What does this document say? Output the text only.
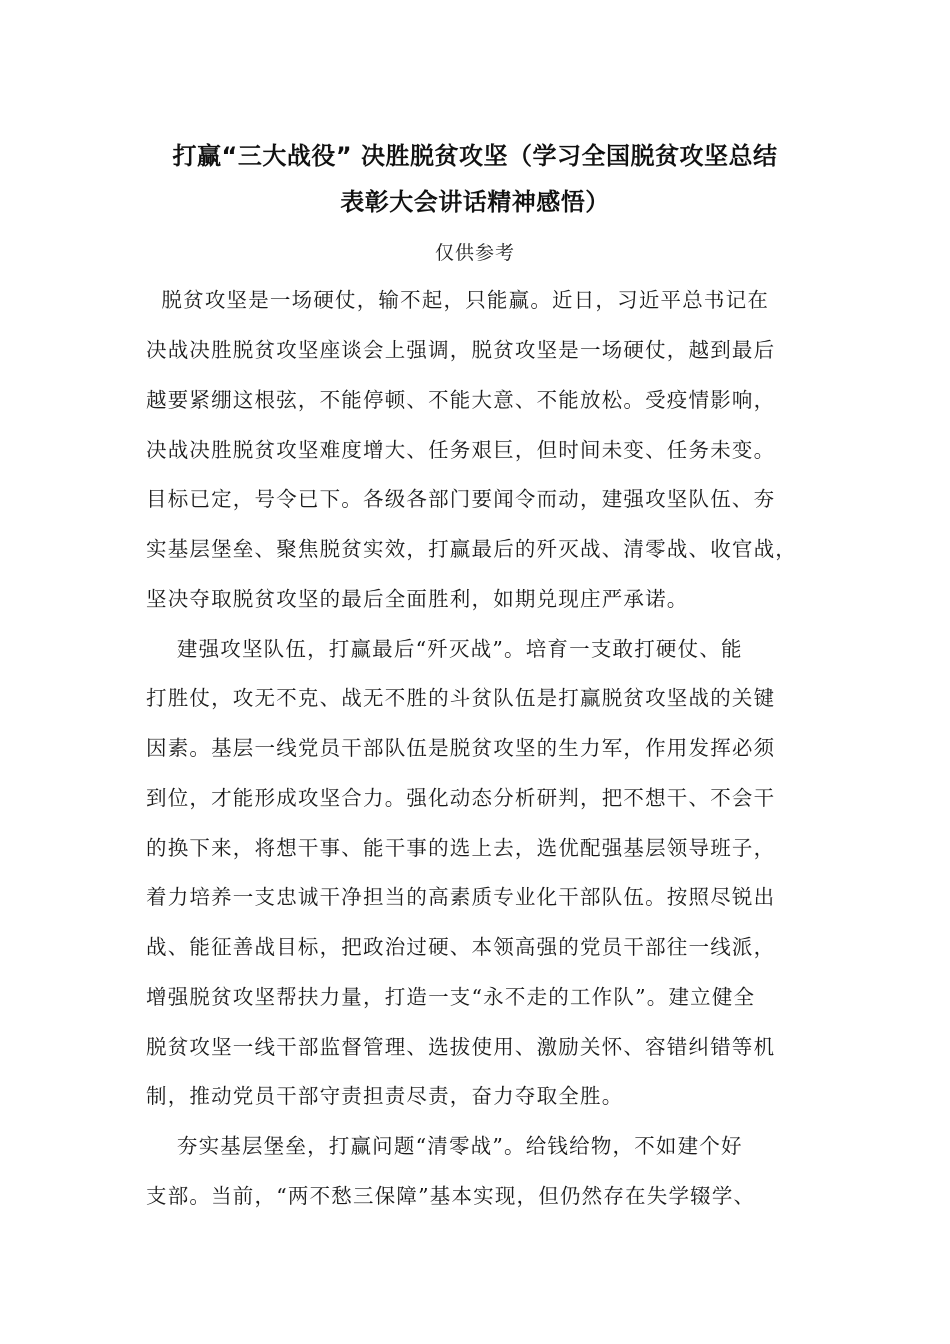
打赢“三大战役” 决胜脱贫攻坚（学习全国脱贫攻坚总结
表彰大会讲话精神感悟）
仅供参考
脱贫攻坚是一场硬仗，输不起，只能赢。近日，习近平总书记在
决战决胜脱贫攻坚座谈会上强调，脱贫攻坚是一场硬仗，越到最后
越要紧绷这根弦，不能停顿、不能大意、不能放松。受疫情影响，
决战决胜脱贫攻坚难度增大、任务艰巨，但时间未变、任务未变。
目标已定，号令已下。各级各部门要闻令而动，建强攻坚队伍、夯
实基层堡垒、聚焦脱贫实效，打赢最后的歼灭战、清零战、收官战，
坚决夺取脱贫攻坚的最后全面胜利，如期兑现庄严承诺。
建强攻坚队伍，打赢最后“歼灭战”。培育一支敢打硬仗、能
打胜仗，攻无不克、战无不胜的斗贫队伍是打赢脱贫攻坚战的关键
因素。基层一线党员干部队伍是脱贫攻坚的生力军，作用发挥必须
到位，才能形成攻坚合力。强化动态分析研判，把不想干、不会干
的换下来，将想干事、能干事的选上去，选优配强基层领导班子，
着力培养一支忠诚干净担当的高素质专业化干部队伍。按照尽锐出
战、能征善战目标，把政治过硬、本领高强的党员干部往一线派，
增强脱贫攻坚帮扶力量，打造一支“永不走的工作队”。建立健全
脱贫攻坚一线干部监督管理、选拔使用、激励关怀、容错纠错等机
制，推动党员干部守责担责尽责，奋力夺取全胜。
夯实基层堡垒，打赢问题“清零战”。给钱给物，不如建个好
支部。当前，“两不愁三保障”基本实现，但仍然存在失学辍学、
